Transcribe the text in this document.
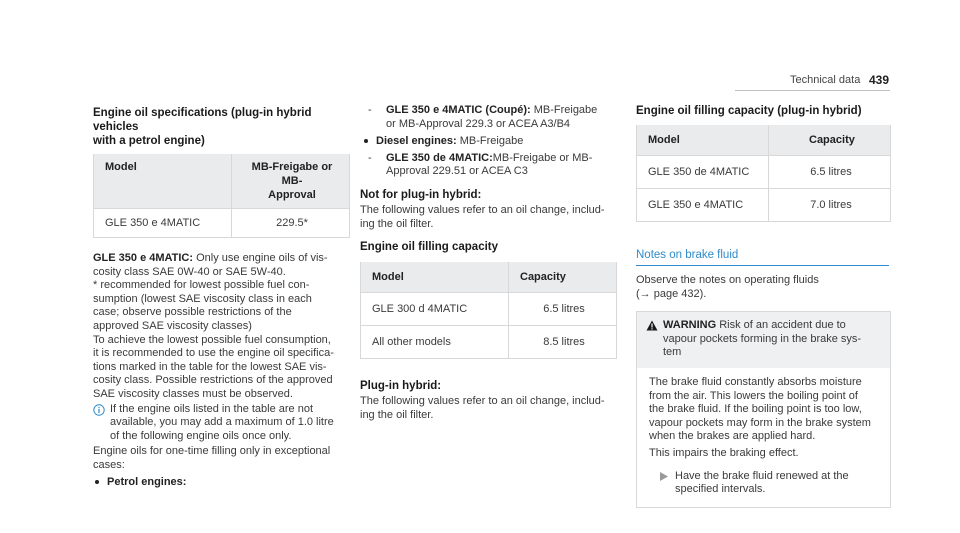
Technical data 439
Engine oil specifications (plug-in hybrid vehicles
with a petrol engine)
Model	MB-Freigabe or MB-
Approval

GLE 350 e 4MATIC	229.5*
GLE 350 e 4MATIC: Only use engine oils of vis-
cosity class SAE 0W-40 or SAE 5W-40.
* recommended for lowest possible fuel con-
sumption (lowest SAE viscosity class in each
case; observe possible restrictions of the
approved SAE viscosity classes)
To achieve the lowest possible fuel consumption,
it is recommended to use the engine oil specifica-
tions marked in the table for the lowest SAE vis-
cosity class. Possible restrictions of the approved
SAE viscosity classes must be observed.
If the engine oils listed in the table are not
available, you may add a maximum of 1.0 litre
of the following engine oils once only.
Engine oils for one-time filling only in exceptional
cases:
Petrol engines:
- GLE 350 e 4MATIC (Coupé): MB-Freigabe
or MB-Approval 229.3 or ACEA A3/B4
Diesel engines: MB-Freigabe
- GLE 350 de 4MATIC:MB-Freigabe or MB-
Approval 229.51 or ACEA C3
Not for plug-in hybrid:
The following values refer to an oil change, includ-
ing the oil filter.
Engine oil filling capacity
Model	Capacity
GLE 300 d 4MATIC	6.5 litres
All other models	8.5 litres
Plug-in hybrid:
The following values refer to an oil change, includ-
ing the oil filter.
Engine oil filling capacity (plug-in hybrid)
Model	Capacity
GLE 350 de 4MATIC	6.5 litres
GLE 350 e 4MATIC	7.0 litres
Notes on brake fluid
Observe the notes on operating fluids
(→ page 432).
WARNING Risk of an accident due to
vapour pockets forming in the brake sys-
tem
The brake fluid constantly absorbs moisture
from the air. This lowers the boiling point of
the brake fluid. If the boiling point is too low,
vapour pockets may form in the brake system
when the brakes are applied hard.
This impairs the braking effect.
Have the brake fluid renewed at the
specified intervals.
